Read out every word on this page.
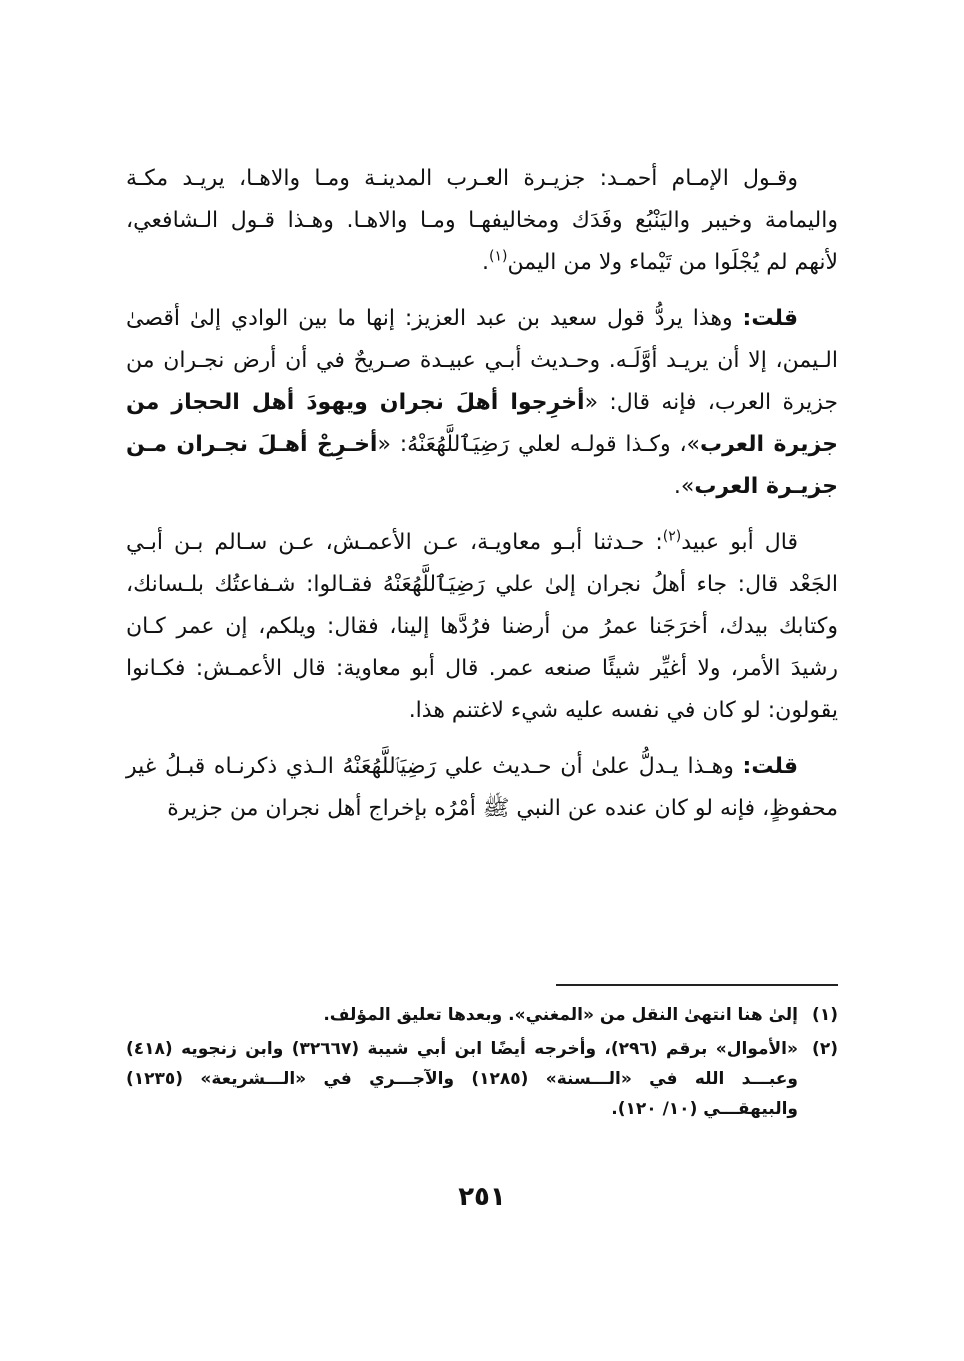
وقـول الإمـام أحمـد: جزيـرة العـرب المدينـة ومـا والاهـا، يريـد مكـة واليمامة وخيبر واليَنْبُع وفَدَك ومخاليفهـا ومـا والاهـا. وهـذا قـول الـشافعي، لأنهم لم يُجْلَوا من تَيْماء ولا من اليمن$^{(١)}$.

قلت: وهذا يردُّ قول سعيد بن عبد العزيز: إنها ما بين الوادي إلىٰ أقصىٰ الـيمن، إلا أن يريـد أوَّلَـه. وحـديث أبـي عبيـدة صـريحٌ في أن أرض نجـران من جزيرة العرب، فإنه قال: «أخرِجوا أهلَ نجران ويهودَ أهل الحجاز من جزيرة العرب»، وكـذا قولـه لعلي رَضِيَٱللَّهُعَنْهُ: «أخـرِجْ أهـلَ نجـران مـن جزيـرة العرب».

قال أبو عبيد$^{(٢)}$: حـدثنا أبـو معاويـة، عـن الأعمـش، عـن سـالم بـن أبـي الجَعْد قال: جاء أهلُ نجران إلىٰ علي رَضِيَٱللَّهُعَنْهُ فقـالوا: شـفاعتُك بلـسانك، وكتابك بيدك، أخرَجَنا عمرُ من أرضنا فرُدَّها إلينا، فقال: ويلكم، إن عمر كـان رشيدَ الأمر، ولا أغيِّر شيئًا صنعه عمر. قال أبو معاوية: قال الأعمـش: فكـانوا يقولون: لو كان في نفسه عليه شيء لاغتنم هذا.

قلت: وهـذا يـدلُّ علىٰ أن حـديث علي رَضِيَٱللَّهُعَنْهُ الـذي ذكرنـاه قبـلُ غير محفوظٍ، فإنه لو كان عنده عن النبي ﷺ أمْرُه بإخراج أهل نجران من جزيرة

(١)
إلىٰ هنا انتهىٰ النقل من «المغني». وبعدها تعليق المؤلف.
(٢)
«الأموال» برقم (٢٩٦)، وأخرجه أيضًا ابن أبي شيبة (٣٢٦٦٧) وابن زنجويه (٤١٨) وعبـــد الله في «الـــسنة» (١٢٨٥) والآجـــري في «الـــشريعة» (١٢٣٥) والبيهقـــي (١٠/ ١٢٠).
٢٥١
